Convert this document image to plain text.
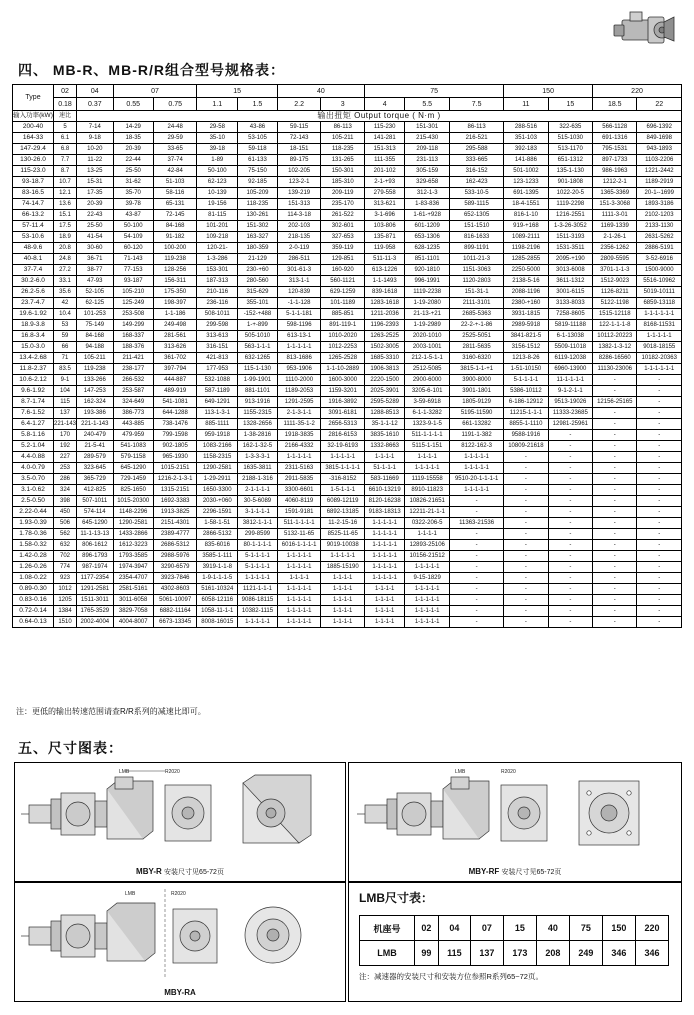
四、 MB-R、MB-R/R组合型号规格表：
Type	02	04	07		15		40		75			150		220	
	0.18	0.37	0.55	0.75	1.1	1.5	2.2	3	4	5.5	7.5	11	15	18.5	22
输入功率(kW)	速比	输出扭矩 Output torque ( N·m )													
200-40	5	7-14	14-29	24-48	29-58	43-86	59-115	86-113	115-230	151-301	86-113	288-516	322-635	566-1128	696-1392
164-33	6.1	9-18	18-35	29-59	35-10	53-105	72-143	105-211	141-281	215-430	216-521	351-103	515-1030	691-1316	849-1698
147-29.4	6.8	10-20	20-39	33-65	39-18	59-118	18-151	118-235	151-313	209-118	295-588	392-183	513-1170	795-1531	943-1893
130-26.0	7.7	11-22	22-44	37-74	1-89	61-133	89-175	131-265	111-355	231-113	333-665	141-886	651-1312	897-1733	1103-2206
115-23.0	8.7	13-25	25-50	42-84	50-100	75-150	102-205	150-301	201-102	305-159	316-152	501-1002	135-1-130	986-1963	1221-2442
93-18.7	10.7	15-31	31-62	51-103	62-123	92-185	123-2-1	185-310	2-1-+93	329-658	162-423	123-1233	901-1808	1212-2-1	1189-2919
83-16.5	12.1	17-35	35-70	58-116	10-139	105-209	139-219	209-119	279-558	312-1-3	533-10-5	691-1395	1022-20-5	1365-3369	20-1--1699
74-14.7	13.6	20-39	39-78	65-131	19-156	118-235	151-313	235-170	313-621	1-83-836	589-1115	18-4-1551	1119-2298	151-3-3068	1893-3186
66-13.2	15.1	22-43	43-87	72-145	81-115	130-261	114-3-18	261-522	3-1-696	1-61-+928	652-1305	816-1-10	1216-2551	1111-3-01	2102-1203
57-11.4	17.5	25-50	50-100	84-168	101-201	151-302	202-103	302-601	103-806	601-1209	151-1510	919-+168	1-3-26-3052	1169-1339	2133-1130
53-10.6	18.9	41-54	54-109	91-182	109-218	163-327	218-135	327-653	135-871	653-1306	816-1633	1089-2111	1511-3193	2-1-26-1	2631-5262
48-9.6	20.8	30-60	60-120	100-200	120-21-	180-359	2-0-119	359-119	119-958	628-1235	899-1191	1198-2196	1531-3511	2356-1262	2886-5191
40-8.1	24.8	36-71	71-143	119-238	1-3-286	21-129	286-511	129-851	511-11-3	851-1101	1011-21-3	1285-2855	2095-+190	2809-5595	3-52-6916
37-7.4	27.2	38-77	77-153	128-256	153-301	230-+60	301-61-3	160-920	613-1226	920-1810	1151-3063	2250-5000	3013-6008	3701-1-1-3	1500-9000
30.2-6.0	33.1	47-93	93-187	156-311	187-313	280-560	313-1-1	560-1121	1-1-1493	996-1991	1120-2803	2138-5-16	3611-1312	1512-9023	5516-10962
26.2-5.6	35.6	52-105	105-210	175-350	210-116	315-629	120-839	629-1259	839-1618	1119-2238	151-31-1	2088-1196	3001-6115	1126-8211	5019-10111
23.7-4.7	42	62-125	125-249	198-397	236-116	355-101	-1-1-128	101-1189	1283-1618	1-19-2080	2111-3101	2380-+160	3133-8033	5122-1198	6859-13118
19.6-1.92	10.4	101-253	253-508	1-1-186	508-1011	-152-+488	5-1-1-181	885-851	1211-2036	21-13-+21	2685-5363	3931-1815	7258-8605	1515-12118	1-1-1-1-1-1
18.9-3.8	53	75-149	149-299	249-498	299-598	1-+-899	598-1196	891-119-1	1196-2393	1-19-2989	22-2-+-1-86	2989-5918	5819-11188	122-1-1-1-8	8168-11531
16.8-3.4	59	84-168	168-337	281-561	313-613	505-1010	613-13-1	1010-2020	1263-2525	2020-1010	2525-5051	3841-821-5	6-1-13038	10112-20223	1-1-1-1-1
15.0-3.0	66	94-188	188-376	313-626	316-151	563-1-1-1	1-1-1-1-1	1012-2253	1502-3005	2003-1001	2811-5635	3156-1512	5509-11018	1382-1-3-12	9018-18155
13.4-2.68	71	105-211	211-421	361-702	421-813	632-1265	813-1686	1265-2528	1685-3310	212-1-5-1-1	3160-6320	1213-8-26	6119-12038	8286-16560	10182-20363
11.8-2.37	83.5	119-238	238-177	397-794	177-953	115-1-130	953-1906	1-1-10-2889	1906-3813	2512-5085	3815-1-1-+1	1-51-10150	6960-13900	11130-23006	1-1-1-1-1-1
10.6-2.12	9-1	133-266	266-532	444-887	532-1088	1-99-1901	1110-2000	1600-3000	2220-1500	2900-6000	3900-8000	5-1-1-1-1	11-1-1-1-1	-	-
9.6-1.92	104	147-253	253-587	489-919	587-1189	881-1101	1189-2053	1159-3201	2025-3901	3205-6-101	3901-1801	5386-10112	9-1-2-1-1	-	-
8.7-1.74	115	162-324	324-649	541-1081	649-1291	913-1916	1291-2595	1916-3892	2595-5289	3-59-6918	1805-9129	6-186-12912	9513-19026	12156-25165	-
7.6-1.52	137	193-386	386-773	644-1288	113-1-3-1	1155-2315	2-1-3-1-1	3091-6181	1288-8513	6-1-1-3282	5195-11590	11215-1-1-1	11333-23685	-	-
6.4-1.27	221-143	221-1-143	443-885	738-1476	885-1111	1328-2656	1111-35-1-2	2656-5313	35-1-1-12	1323-9-1-5	661-13282	8855-1-1110	12981-25961	-	-
5.8-1.16	170	240-479	479-959	799-1598	959-1918	1-38-2816	1918-3835	2816-6153	3835-1610	511-1-1-1-1	1191-1-382	9588-1916	-	-	-
5.2-1.04	192	21-5-41	541-1083	902-1805	1083-2166	162-1-32-5	2166-4332	32-19-6193	1332-8663	5115-1-151	8122-162-3	10809-21618	-	-	-
4.4-0.88	227	289-579	579-1158	965-1930	1158-2315	1-3-3-3-1	1-1-1-1-1	1-1-1-1-1	1-1-1-1	1-1-1-1	1-1-1-1-1	-	-	-	-
4.0-0.79	253	323-645	645-1290	1015-2151	1290-2581	1635-3811	2311-5163	3815-1-1-1-1	51-1-1-1	1-1-1-1-1	1-1-1-1-1	-	-	-	-
3.5-0.70	286	365-729	729-1459	1216-2-1-3-1	1-29-2911	2188-1-316	2911-5835	-316-8152	583-11669	1119-15558	9510-20-1-1-1-1	-	-	-	-
3.1-0.62	324	412-825	825-1650	1315-2151	1650-3300	2-1-1-1-1	3300-6601	1-5-1-1-1	6610-13219	8910-11823	1-1-1-1-1	-	-	-	-
2.5-0.50	398	507-1011	1015-20300	1692-3383	2030-+060	30-5-6089	4060-8119	6089-12119	8120-16238	10826-21651	-	-	-	-	-
2.22-0.44	450	574-114	1148-2296	1913-3825	2296-1591	3-1-1-1-1	1591-9181	6892-13185	9183-18313	12211-21-1-1	-	-	-	-	-
1.93-0.39	506	645-1290	1290-2581	2151-4301	1-58-1-51	3812-1-1-1	511-1-1-1-1	11-2-15-16	1-1-1-1-1	0322-206-5	11363-21536	-	-	-	-
1.78-0.36	562	11-1-13-13	1433-2866	2389-4777	2866-5132	299-8599	5132-11-65	8525-11-65	1-1-1-1-1	1-1-1-1	-	-	-	-	-
1.58-0.32	632	806-1612	1612-3223	2686-5312	835-6016	80-1-1-1-1	6016-1-1-1-1	9019-10038	1-1-1-1-1	12893-25106	-	-	-	-	-
1.42-0.28	702	896-1793	1793-3585	2988-5976	3585-1-111	5-1-1-1-1	1-1-1-1-1	1-1-1-1-1	1-1-1-1-1	10156-21512	-	-	-	-	-
1.26-0.26	774	987-1974	1974-3947	3290-6579	3919-1-1-8	5-1-1-1-1	1-1-1-1-1	1885-15190	1-1-1-1-1	1-1-1-1-1	-	-	-	-	-
1.08-0.22	923	1177-2354	2354-4707	3923-7846	1-9-1-1-1-5	1-1-1-1-1	1-1-1-1	1-1-1-1	1-1-1-1-1	9-15-1829	-	-	-	-	-
0.89-0.30	1012	1291-2581	2581-5161	4302-8603	5161-10324	1121-1-1-1	1-1-1-1-1	1-1-1-1	1-1-1-1	1-1-1-1-1	-	-	-	-	-
0.83-0.16	1205	1511-3011	3011-6058	5061-10097	6058-12116	9086-18115	1-1-1-1-1	1-1-1-1	1-1-1-1	1-1-1-1-1	-	-	-	-	-
0.72-0.14	1384	1765-3529	3829-7058	6882-11164	1058-11-1-1	10382-1115	1-1-1-1-1	1-1-1-1	1-1-1-1	1-1-1-1-1	-	-	-	-	-
0.64-0.13	1510	2002-4004	4004-8007	6673-13345	8008-16015	1-1-1-1-1	1-1-1-1-1	1-1-1-1	1-1-1-1	1-1-1-1-1	-	-	-	-	-
注：更低的输出转速范围请查R/R系列的减速比即可。
五、尺寸图表：
LMB	R2020
MBY-R 安装尺寸见65-72页
LMB	R2020
MBY-RF 安装尺寸见65-72页
LMB	R2020
MBY-RA
LMB尺寸表：
机座号	02	04	07	15	40	75	150	220
LMB	99	115	137	173	208	249	346	346
注：减速器的安装尺寸和安装方位参照R系列65~72页。
